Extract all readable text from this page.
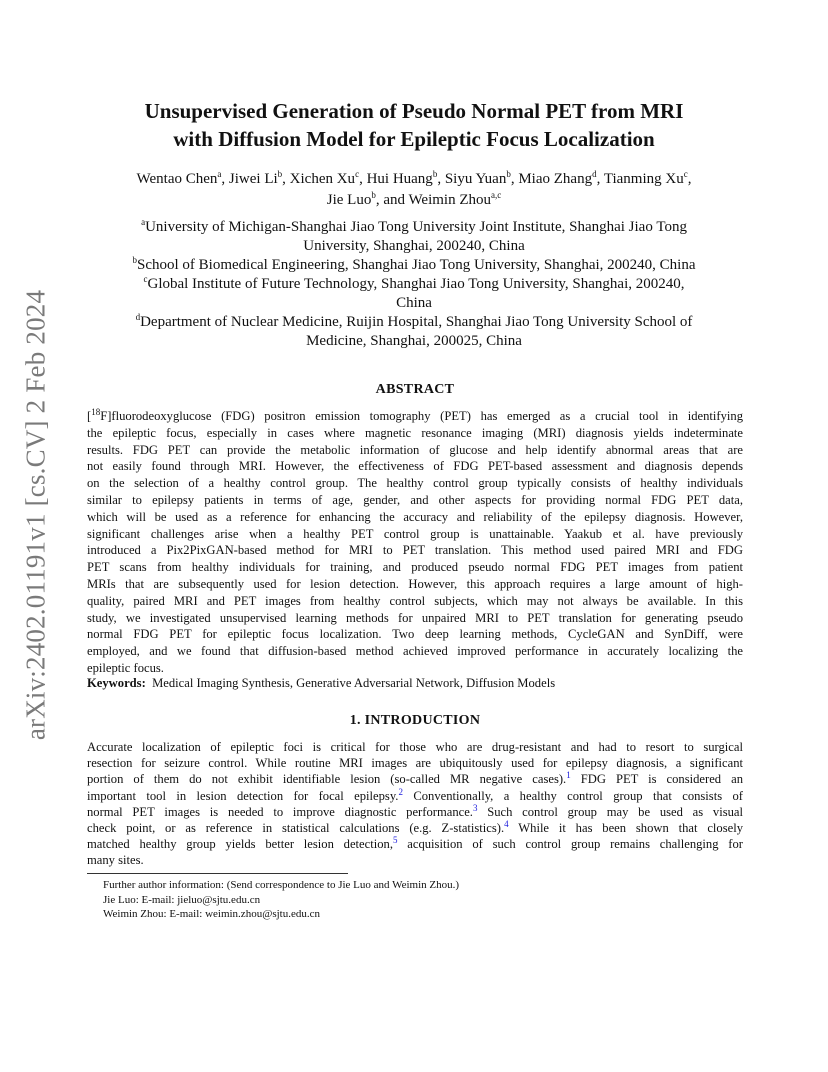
arXiv:2402.01191v1 [cs.CV] 2 Feb 2024
Unsupervised Generation of Pseudo Normal PET from MRI
with Diffusion Model for Epileptic Focus Localization
Wentao Chen$^a$, Jiwei Li$^b$, Xichen Xu$^c$, Hui Huang$^b$, Siyu Yuan$^b$, Miao Zhang$^d$, Tianming Xu$^c$,
Jie Luo$^b$, and Weimin Zhou$^{a,c}$
$^a$University of Michigan-Shanghai Jiao Tong University Joint Institute, Shanghai Jiao Tong
University, Shanghai, 200240, China
$^b$School of Biomedical Engineering, Shanghai Jiao Tong University, Shanghai, 200240, China
$^c$Global Institute of Future Technology, Shanghai Jiao Tong University, Shanghai, 200240,
China
$^d$Department of Nuclear Medicine, Ruijin Hospital, Shanghai Jiao Tong University School of
Medicine, Shanghai, 200025, China
ABSTRACT
[$^{18}$F]fluorodeoxyglucose (FDG) positron emission tomography (PET) has emerged as a crucial tool in identifying
the epileptic focus, especially in cases where magnetic resonance imaging (MRI) diagnosis yields indeterminate
results. FDG PET can provide the metabolic information of glucose and help identify abnormal areas that are
not easily found through MRI. However, the effectiveness of FDG PET-based assessment and diagnosis depends
on the selection of a healthy control group. The healthy control group typically consists of healthy individuals
similar to epilepsy patients in terms of age, gender, and other aspects for providing normal FDG PET data,
which will be used as a reference for enhancing the accuracy and reliability of the epilepsy diagnosis. However,
significant challenges arise when a healthy PET control group is unattainable. Yaakub et al. have previously
introduced a Pix2PixGAN-based method for MRI to PET translation. This method used paired MRI and FDG
PET scans from healthy individuals for training, and produced pseudo normal FDG PET images from patient
MRIs that are subsequently used for lesion detection. However, this approach requires a large amount of high-
quality, paired MRI and PET images from healthy control subjects, which may not always be available. In this
study, we investigated unsupervised learning methods for unpaired MRI to PET translation for generating pseudo
normal FDG PET for epileptic focus localization. Two deep learning methods, CycleGAN and SynDiff, were
employed, and we found that diffusion-based method achieved improved performance in accurately localizing the
epileptic focus.
Keywords: Medical Imaging Synthesis, Generative Adversarial Network, Diffusion Models
1. INTRODUCTION
Accurate localization of epileptic foci is critical for those who are drug-resistant and had to resort to surgical
resection for seizure control. While routine MRI images are ubiquitously used for epilepsy diagnosis, a significant
portion of them do not exhibit identifiable lesion (so-called MR negative cases).$^1$ FDG PET is considered an
important tool in lesion detection for focal epilepsy.$^2$ Conventionally, a healthy control group that consists of
normal PET images is needed to improve diagnostic performance.$^3$ Such control group may be used as visual
check point, or as reference in statistical calculations (e.g. Z-statistics).$^4$ While it has been shown that closely
matched healthy group yields better lesion detection,$^5$ acquisition of such control group remains challenging for
many sites.
Further author information: (Send correspondence to Jie Luo and Weimin Zhou.)
Jie Luo: E-mail: jieluo@sjtu.edu.cn
Weimin Zhou: E-mail: weimin.zhou@sjtu.edu.cn
